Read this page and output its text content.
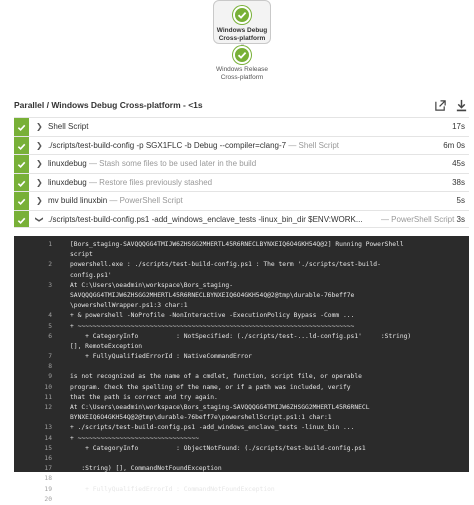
Windows Debug
Cross-platform
Windows Release
Cross-platform
Parallel / Windows Debug Cross-platform - <1s
❯ Shell Script	17s
❯ ./scripts/test-build-config -p SGX1FLC -b Debug --compiler=clang-7 — Shell Script	6m 0s
❯ linuxdebug — Stash some files to be used later in the build	45s
❯ linuxdebug — Restore files previously stashed	38s
❯ mv build linuxbin — PowerShell Script	5s
❯ ./scripts/test-build-config.ps1 -add_windows_enclave_tests -linux_bin_dir $ENV:WORK... — PowerShell Script 3s
1	[Bors_staging-SAVQQQGG4TMIJW6ZHSGG2MHERTL45R6RNECLBYNXEIQ6O4GKH54Q@2] Running PowerShell
script
2	powershell.exe : ./scripts/test-build-config.ps1 : The term './scripts/test-build-
config.ps1'
3	At C:\Users\oeadmin\workspace\Bors_staging-
SAVQQQGG4TMIJW6ZHSGG2MHERTL45R6RNECLBYNXEIQ6O4GKH54Q@2@tmp\durable-76beff7e
\powershellWrapper.ps1:3 char:1
4	+ & powershell -NoProfile -NonInteractive -ExecutionPolicy Bypass -Comm ...
5	+ ~~~~~~~~~~~~~~~~~~~~~~~~~~~~~~~~~~~~~~~~~~~~~~~~~~~~~~~~~~~~~~~~~~~~~~~~~
6	+ CategoryInfo          : NotSpecified: (./scripts/test-...ld-config.ps1'     :String)
[], RemoteException
7	+ FullyQualifiedErrorId : NativeCommandError
8
9	is not recognized as the name of a cmdlet, function, script file, or operable
10	program. Check the spelling of the name, or if a path was included, verify
11	that the path is correct and try again.
12	At C:\Users\oeadmin\workspace\Bors_staging-SAVQQQGG4TMIJW6ZHSGG2MHERTL45R6RNECL
BYNXEIQ6O4GKH54Q@2@tmp\durable-76beff7e\powershellScript.ps1:1 char:1
13	+ ./scripts/test-build-config.ps1 -add_windows_enclave_tests -linux_bin ...
14	+ ~~~~~~~~~~~~~~~~~~~~~~~~~~~~~~~~
15	+ CategoryInfo          : ObjectNotFound: (./scripts/test-build-config.ps1
16
17	:String) [], CommandNotFoundException
18
19	+ FullyQualifiedErrorId : CommandNotFoundException
20
